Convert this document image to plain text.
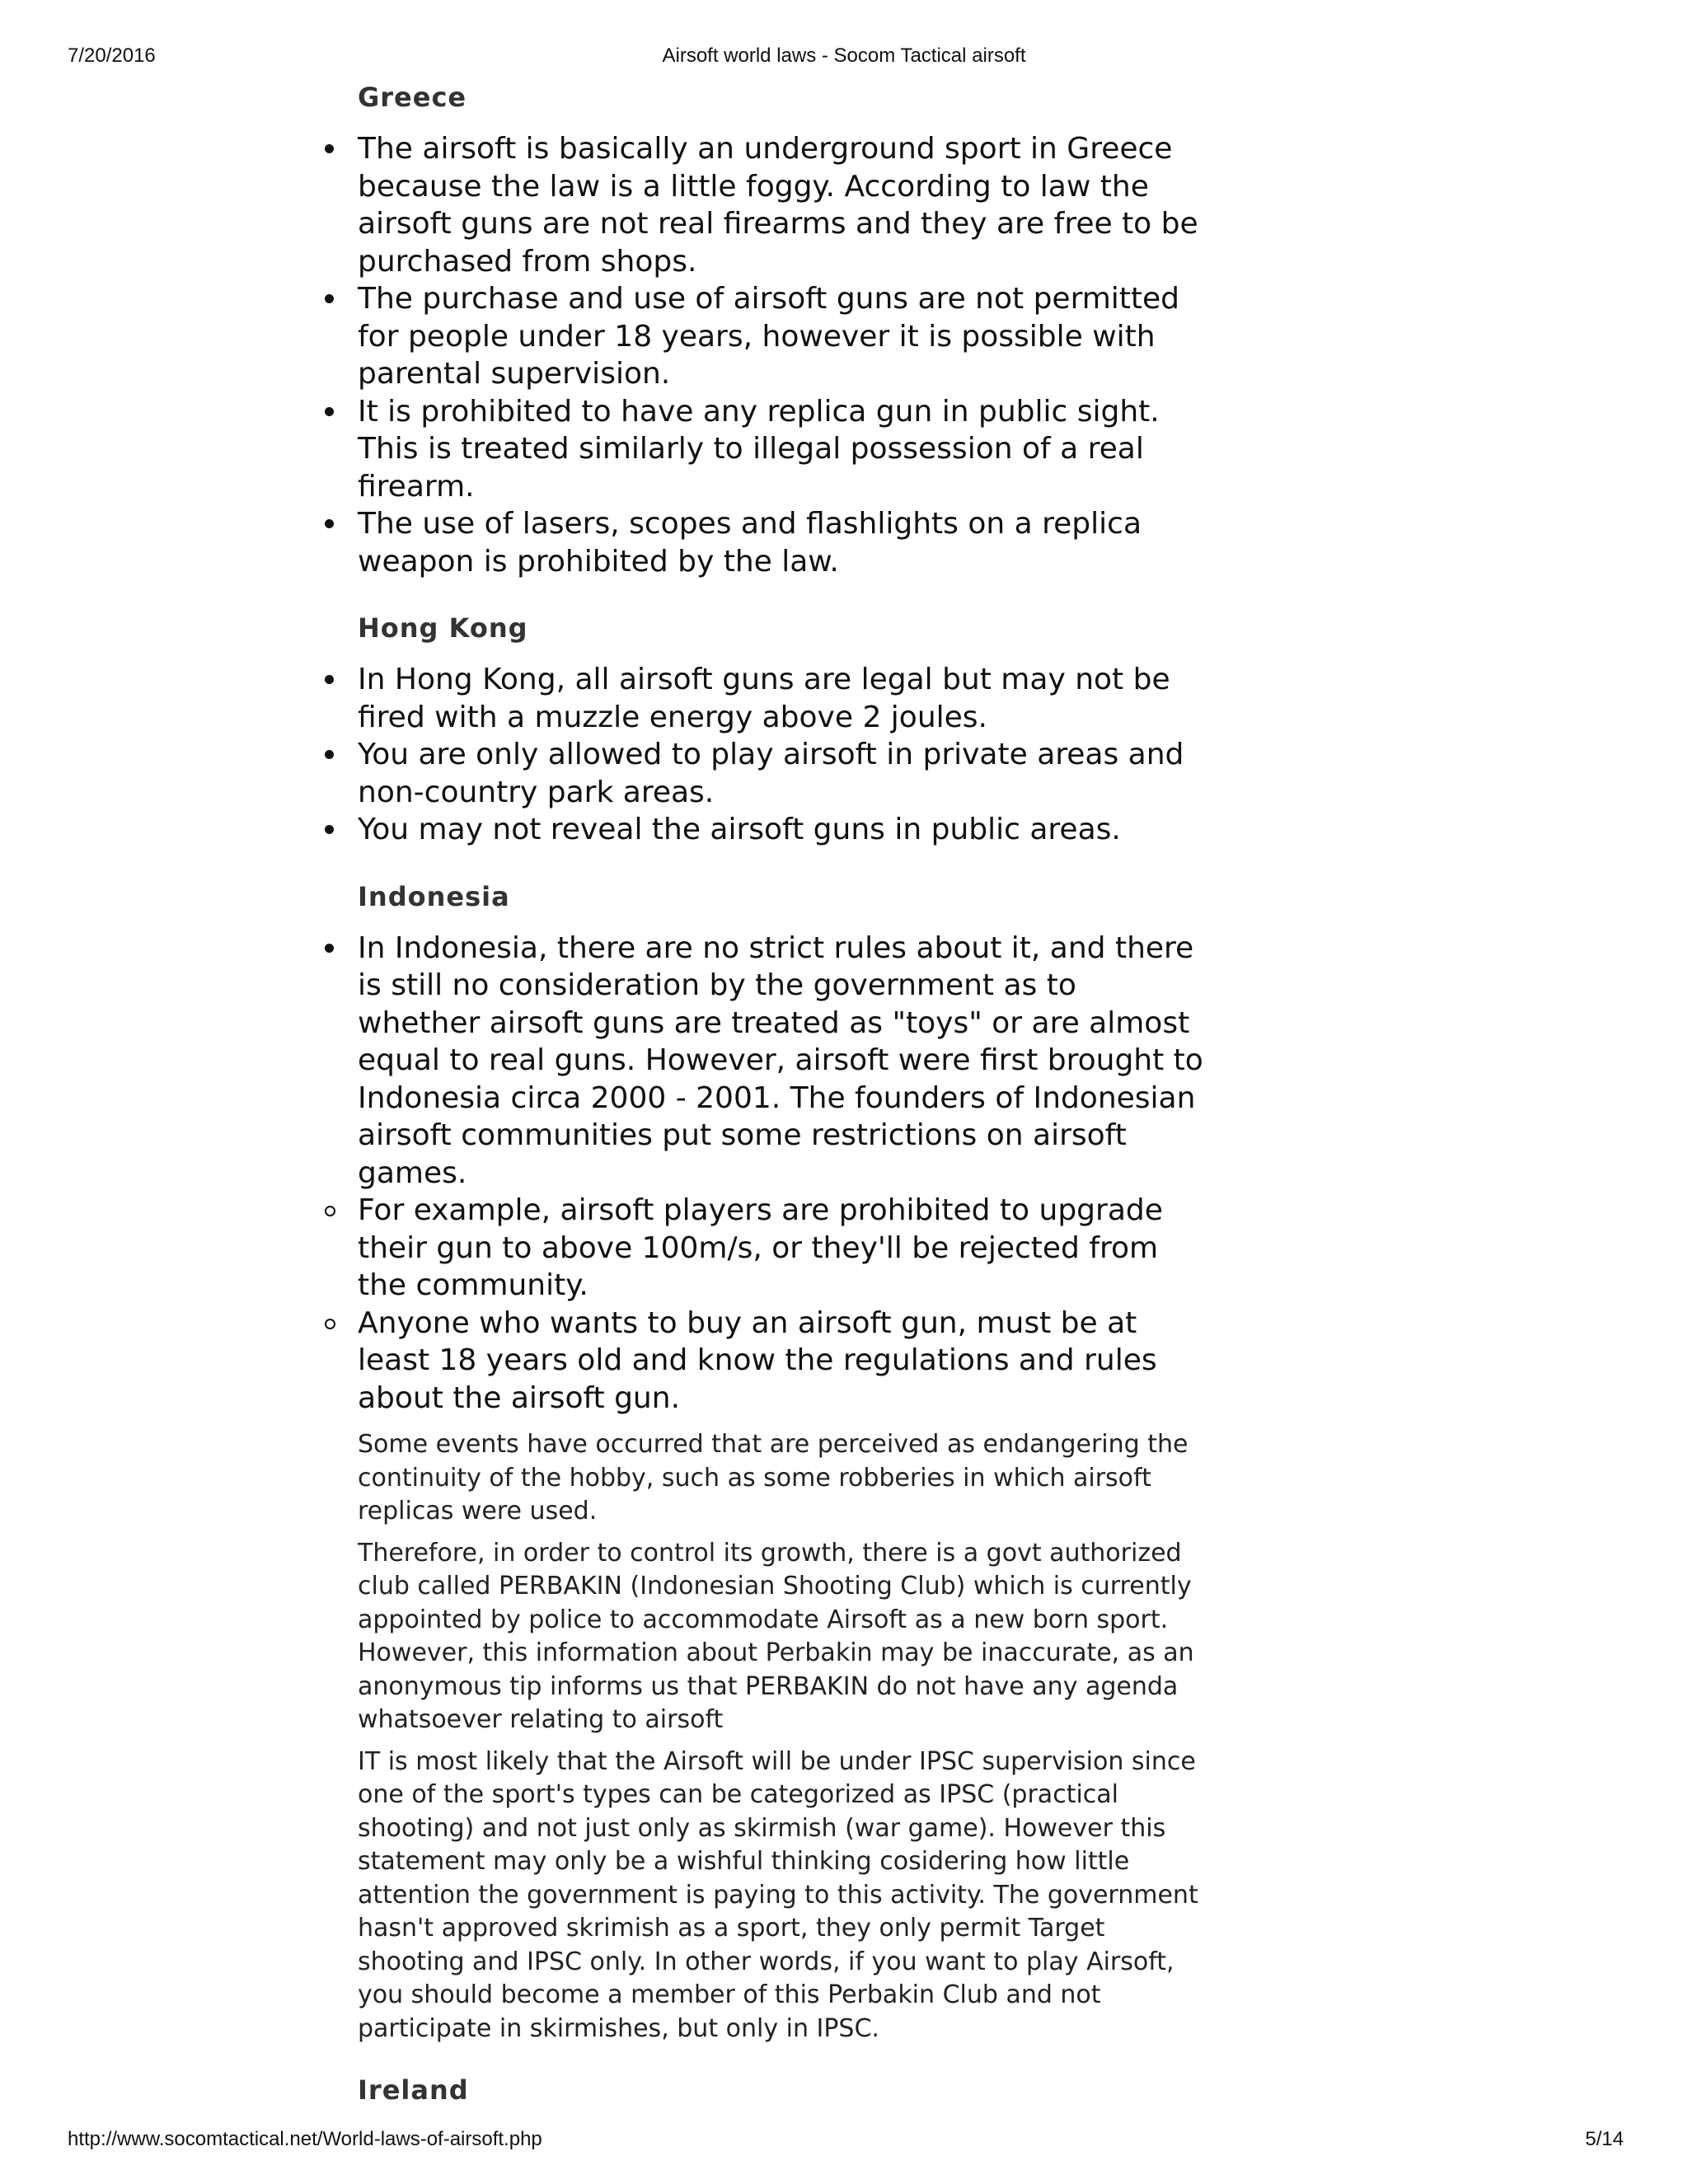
7/20/2016	Airsoft world laws - Socom Tactical airsoft
Greece
The airsoft is basically an underground sport in Greece because the law is a little foggy. According to law the airsoft guns are not real firearms and they are free to be purchased from shops.
The purchase and use of airsoft guns are not permitted for people under 18 years, however it is possible with parental supervision.
It is prohibited to have any replica gun in public sight. This is treated similarly to illegal possession of a real firearm.
The use of lasers, scopes and flashlights on a replica weapon is prohibited by the law.
Hong Kong
In Hong Kong, all airsoft guns are legal but may not be fired with a muzzle energy above 2 joules.
You are only allowed to play airsoft in private areas and non-country park areas.
You may not reveal the airsoft guns in public areas.
Indonesia
In Indonesia, there are no strict rules about it, and there is still no consideration by the government as to whether airsoft guns are treated as "toys" or are almost equal to real guns. However, airsoft were first brought to Indonesia circa 2000 - 2001. The founders of Indonesian airsoft communities put some restrictions on airsoft games.
For example, airsoft players are prohibited to upgrade their gun to above 100m/s, or they'll be rejected from the community.
Anyone who wants to buy an airsoft gun, must be at least 18 years old and know the regulations and rules about the airsoft gun.

Some events have occurred that are perceived as endangering the continuity of the hobby, such as some robberies in which airsoft replicas were used.

Therefore, in order to control its growth, there is a govt authorized club called PERBAKIN (Indonesian Shooting Club) which is currently appointed by police to accommodate Airsoft as a new born sport. However, this information about Perbakin may be inaccurate, as an anonymous tip informs us that PERBAKIN do not have any agenda whatsoever relating to airsoft

IT is most likely that the Airsoft will be under IPSC supervision since one of the sport's types can be categorized as IPSC (practical shooting) and not just only as skirmish (war game). However this statement may only be a wishful thinking cosidering how little attention the government is paying to this activity. The government hasn't approved skrimish as a sport, they only permit Target shooting and IPSC only. In other words, if you want to play Airsoft, you should become a member of this Perbakin Club and not participate in skirmishes, but only in IPSC.

Ireland
http://www.socomtactical.net/World-laws-of-airsoft.php	5/14
